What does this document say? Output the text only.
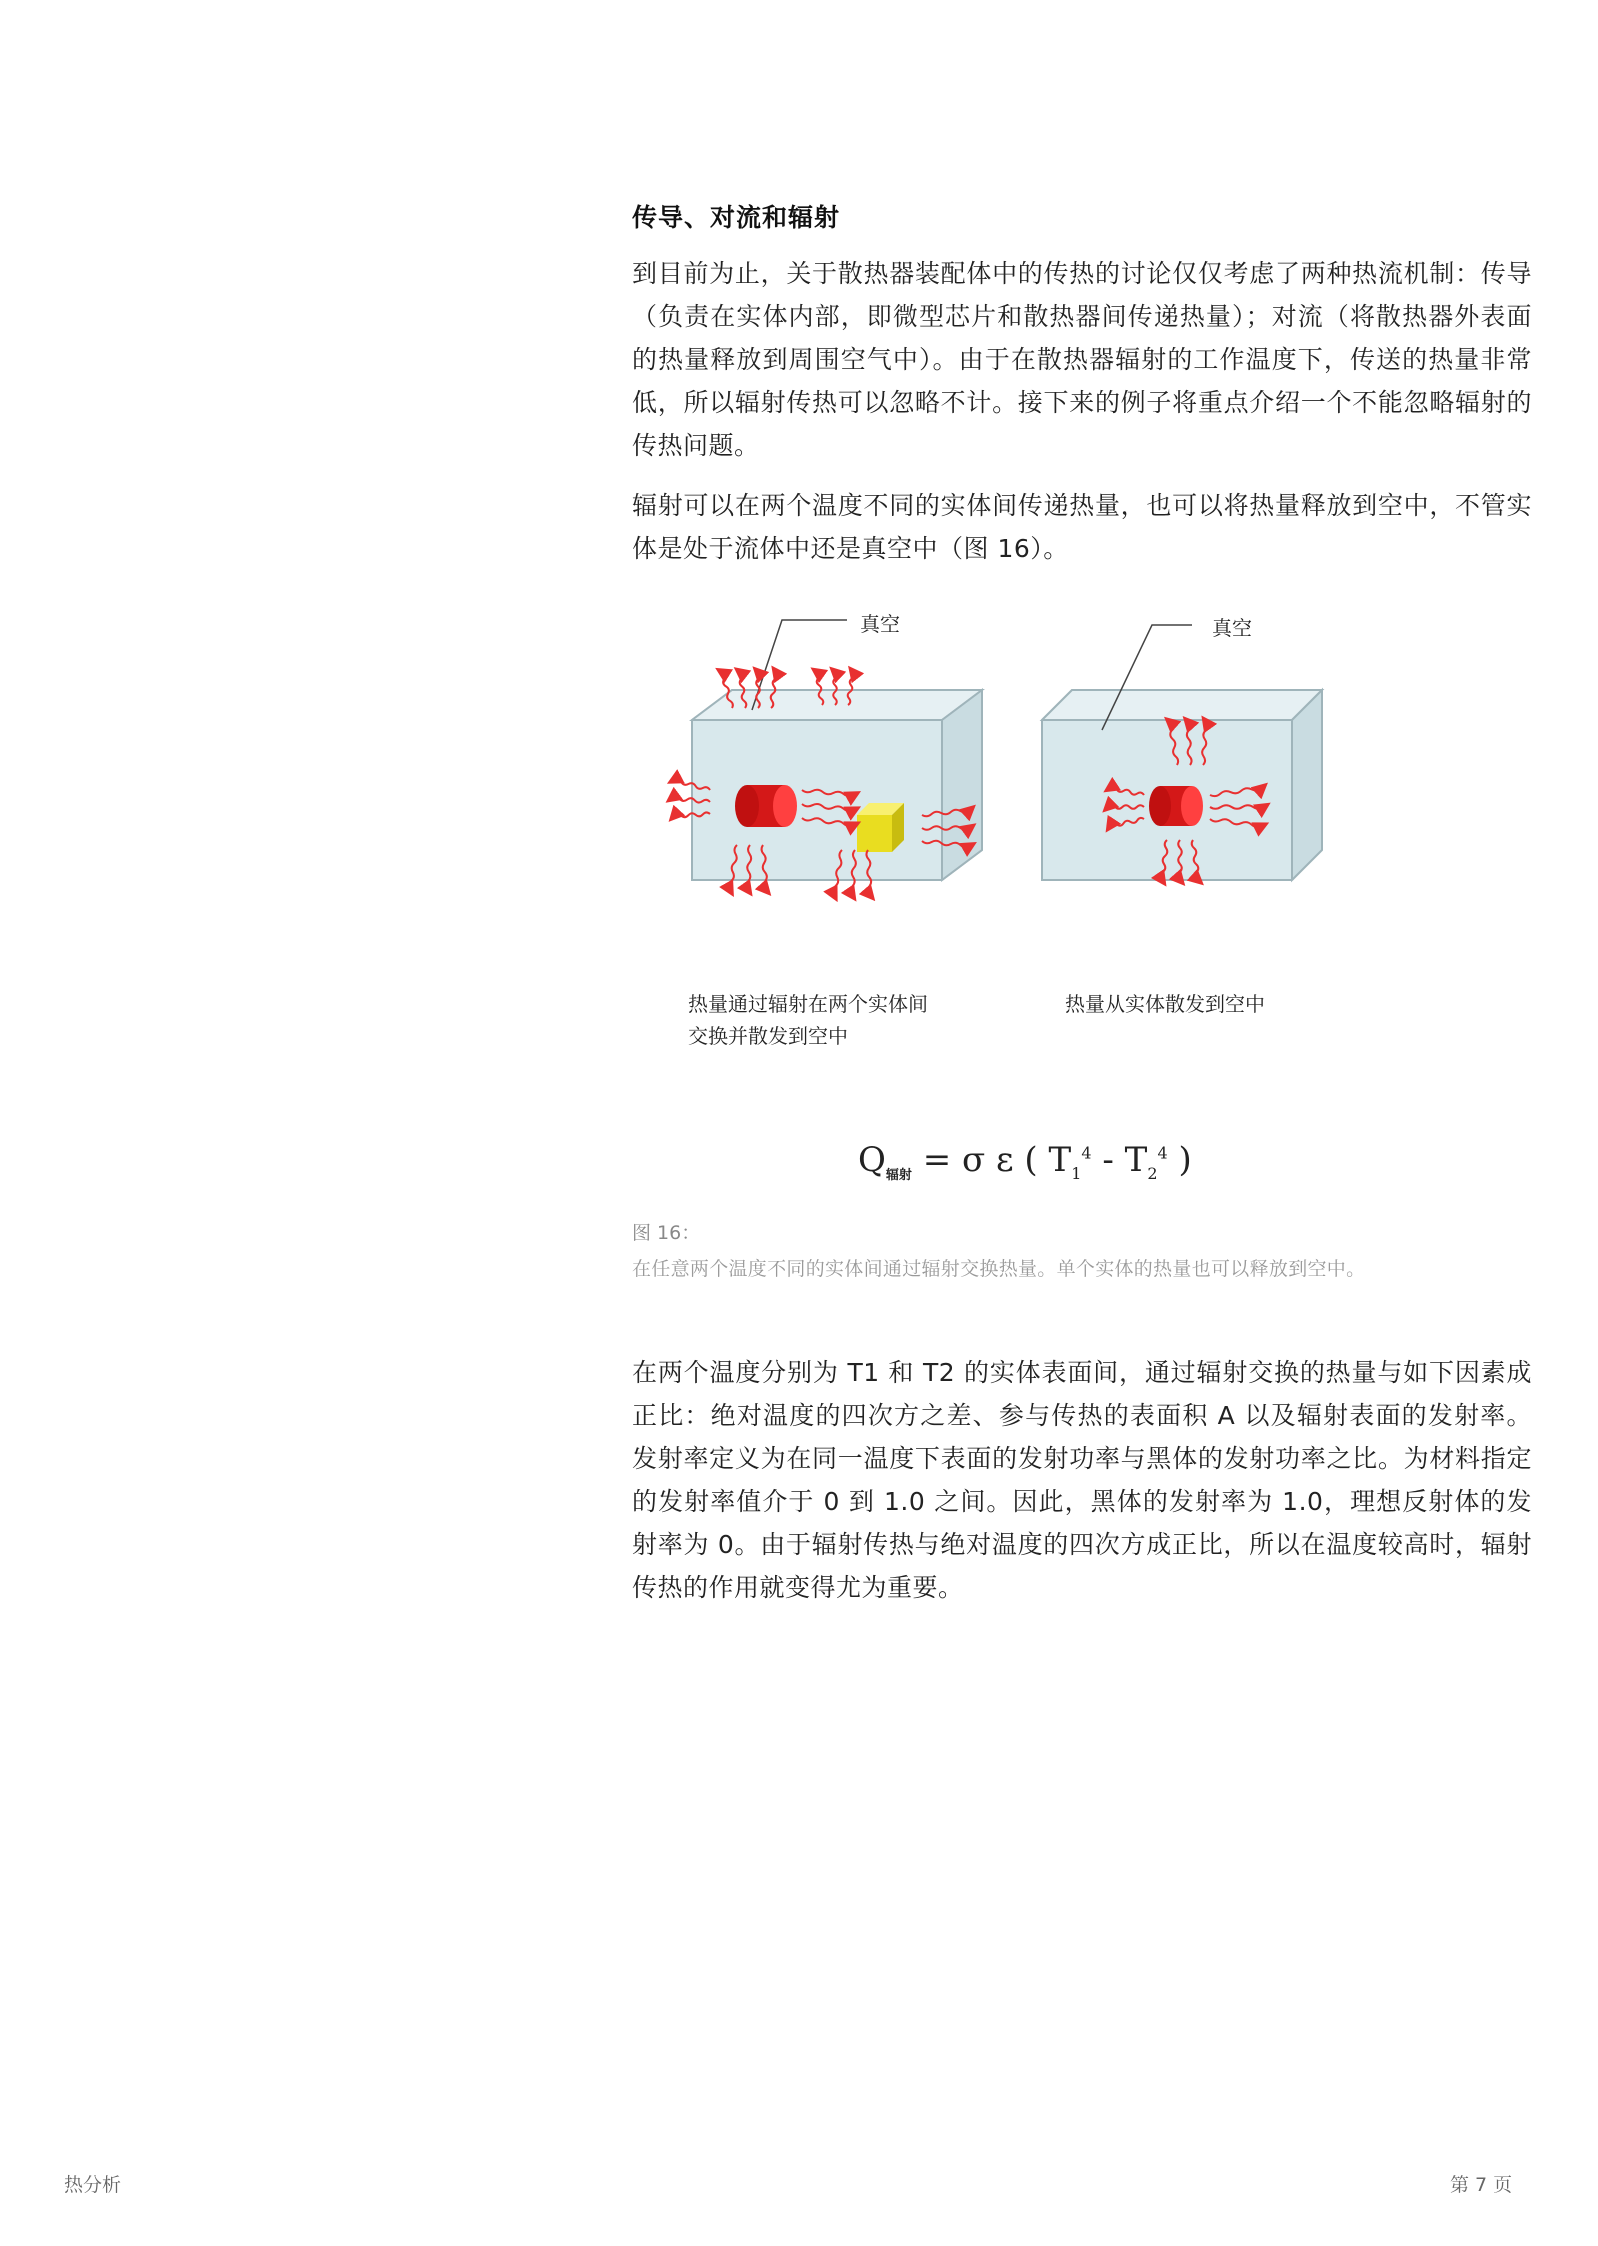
传导、对流和辐射
到目前为止，关于散热器装配体中的传热的讨论仅仅考虑了两种热流机制：传导（负责在实体内部，即微型芯片和散热器间传递热量）；对流（将散热器外表面的热量释放到周围空气中）。由于在散热器辐射的工作温度下，传送的热量非常低，所以辐射传热可以忽略不计。接下来的例子将重点介绍一个不能忽略辐射的传热问题。
辐射可以在两个温度不同的实体间传递热量，也可以将热量释放到空中，不管实体是处于流体中还是真空中（图 16）。
真空	真空
热量通过辐射在两个实体间
交换并散发到空中
热量从实体散发到空中
$Q_{辐射} = \sigma$ ε ( $T_1^4 - T_2^4$ )
图 16：
在任意两个温度不同的实体间通过辐射交换热量。单个实体的热量也可以释放到空中。
在两个温度分别为 T1 和 T2 的实体表面间，通过辐射交换的热量与如下因素成正比：绝对温度的四次方之差、参与传热的表面积 A 以及辐射表面的发射率。发射率定义为在同一温度下表面的发射功率与黑体的发射功率之比。为材料指定的发射率值介于 0 到 1.0 之间。因此，黑体的发射率为 1.0，理想反射体的发射率为 0。由于辐射传热与绝对温度的四次方成正比，所以在温度较高时，辐射传热的作用就变得尤为重要。
热分析	第 7 页
